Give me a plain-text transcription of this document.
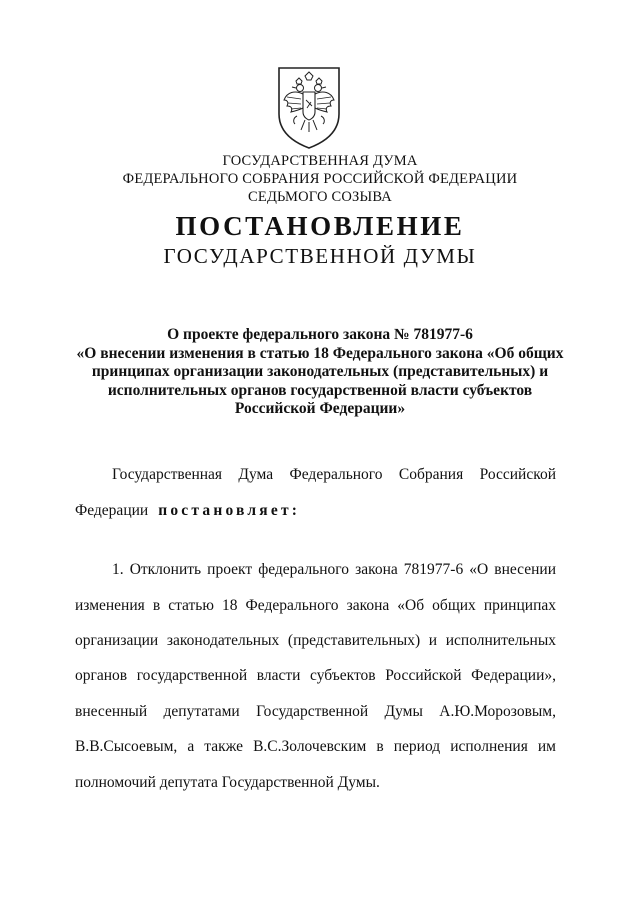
ГОСУДАРСТВЕННАЯ ДУМА
ФЕДЕРАЛЬНОГО СОБРАНИЯ РОССИЙСКОЙ ФЕДЕРАЦИИ
СЕДЬМОГО СОЗЫВА
ПОСТАНОВЛЕНИЕ
ГОСУДАРСТВЕННОЙ ДУМЫ
О проекте федерального закона № 781977-6
«О внесении изменения в статью 18 Федерального закона «Об общих
принципах организации законодательных (представительных) и
исполнительных органов государственной власти субъектов
Российской Федерации»
Государственная Дума Федерального Собрания Российской
Федерации постановляет:
1. Отклонить проект федерального закона 781977-6 «О внесении
изменения в статью 18 Федерального закона «Об общих принципах
организации законодательных (представительных) и исполнительных
органов государственной власти субъектов Российской Федерации»,
внесенный депутатами Государственной Думы А.Ю.Морозовым,
В.В.Сысоевым, а также В.С.Золочевским в период исполнения им
полномочий депутата Государственной Думы.
